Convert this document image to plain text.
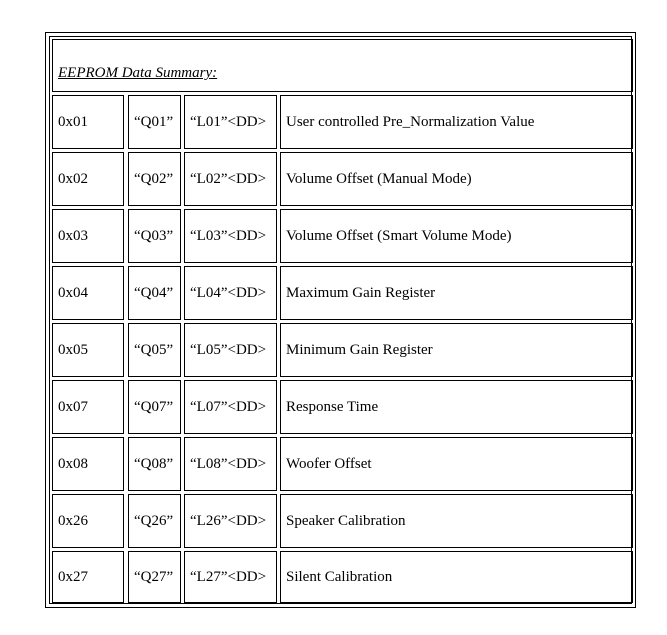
EEPROM Data Summary:
0x01	“Q01”	“L01”<DD>	User controlled Pre_Normalization Value
0x02	“Q02”	“L02”<DD>	Volume Offset (Manual Mode)
0x03	“Q03”	“L03”<DD>	Volume Offset (Smart Volume Mode)
0x04	“Q04”	“L04”<DD>	Maximum Gain Register
0x05	“Q05”	“L05”<DD>	Minimum Gain Register
0x07	“Q07”	“L07”<DD>	Response Time
0x08	“Q08”	“L08”<DD>	Woofer Offset
0x26	“Q26”	“L26”<DD>	Speaker Calibration
0x27	“Q27”	“L27”<DD>	Silent Calibration
